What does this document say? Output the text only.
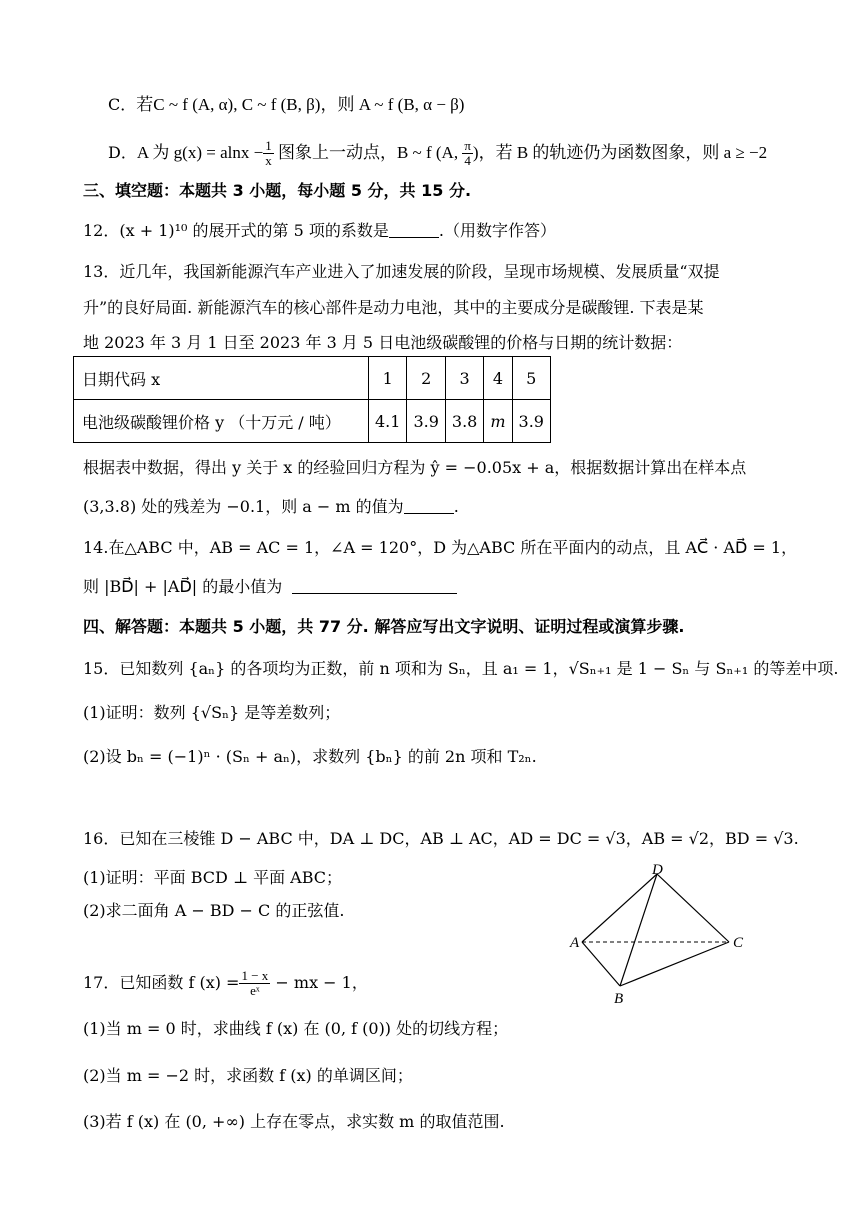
C．若C ~ f (A, α), C ~ f (B, β)，则 A ~ f (B, α − β)
D．A 为 $g(x) = alnx - \frac{1}{x}$ 图象上一动点，B ~ f (A, $\frac{\pi}{4}$ )，若 B 的轨迹仍为函数图象，则 a ≥ −2
三、填空题：本题共 3 小题，每小题 5 分，共 15 分.
12．(x + 1)¹⁰ 的展开式的第 5 项的系数是	.（用数字作答）
13．近几年，我国新能源汽车产业进入了加速发展的阶段，呈现市场规模、发展质量“双提
升”的良好局面. 新能源汽车的核心部件是动力电池，其中的主要成分是碳酸锂. 下表是某
地 2023 年 3 月 1 日至 2023 年 3 月 5 日电池级碳酸锂的价格与日期的统计数据：
日期代码 x	1	2	3	4	5
电池级碳酸锂价格 y （十万元 / 吨）	4.1	3.9	3.8	m	3.9
根据表中数据，得出 y 关于 x 的经验回归方程为 ŷ = −0.05x + a，根据数据计算出在样本点
(3,3.8) 处的残差为 −0.1，则 a − m 的值为	.
14.在△ABC 中，AB = AC = 1，∠A = 120°，D 为△ABC 所在平面内的动点，且 AC⃗ · AD⃗ = 1，
则 |BD⃗| + |AD⃗| 的最小值为
四、解答题：本题共 5 小题，共 77 分. 解答应写出文字说明、证明过程或演算步骤.
15．已知数列 {aₙ} 的各项均为正数，前 n 项和为 Sₙ，且 a₁ = 1，√Sₙ₊₁ 是 1 − Sₙ 与 Sₙ₊₁ 的等差中项.
(1)证明：数列 {√Sₙ} 是等差数列；
(2)设 bₙ = (−1)ⁿ · (Sₙ + aₙ)，求数列 {bₙ} 的前 2n 项和 T₂ₙ.
16．已知在三棱锥 D − ABC 中，DA ⊥ DC，AB ⊥ AC，AD = DC = √3，AB = √2，BD = √3.
(1)证明：平面 BCD ⊥ 平面 ABC；
(2)求二面角 A − BD − C 的正弦值.
D
A	C
B
17．已知函数 f $(x) = \frac{1 - x}{\text{eˣ}}$ − mx − 1，
(1)当 m = 0 时，求曲线 f (x) 在 (0, f (0)) 处的切线方程；
(2)当 m = −2 时，求函数 f (x) 的单调区间；
(3)若 f (x) 在 (0, +∞) 上存在零点，求实数 m 的取值范围.
